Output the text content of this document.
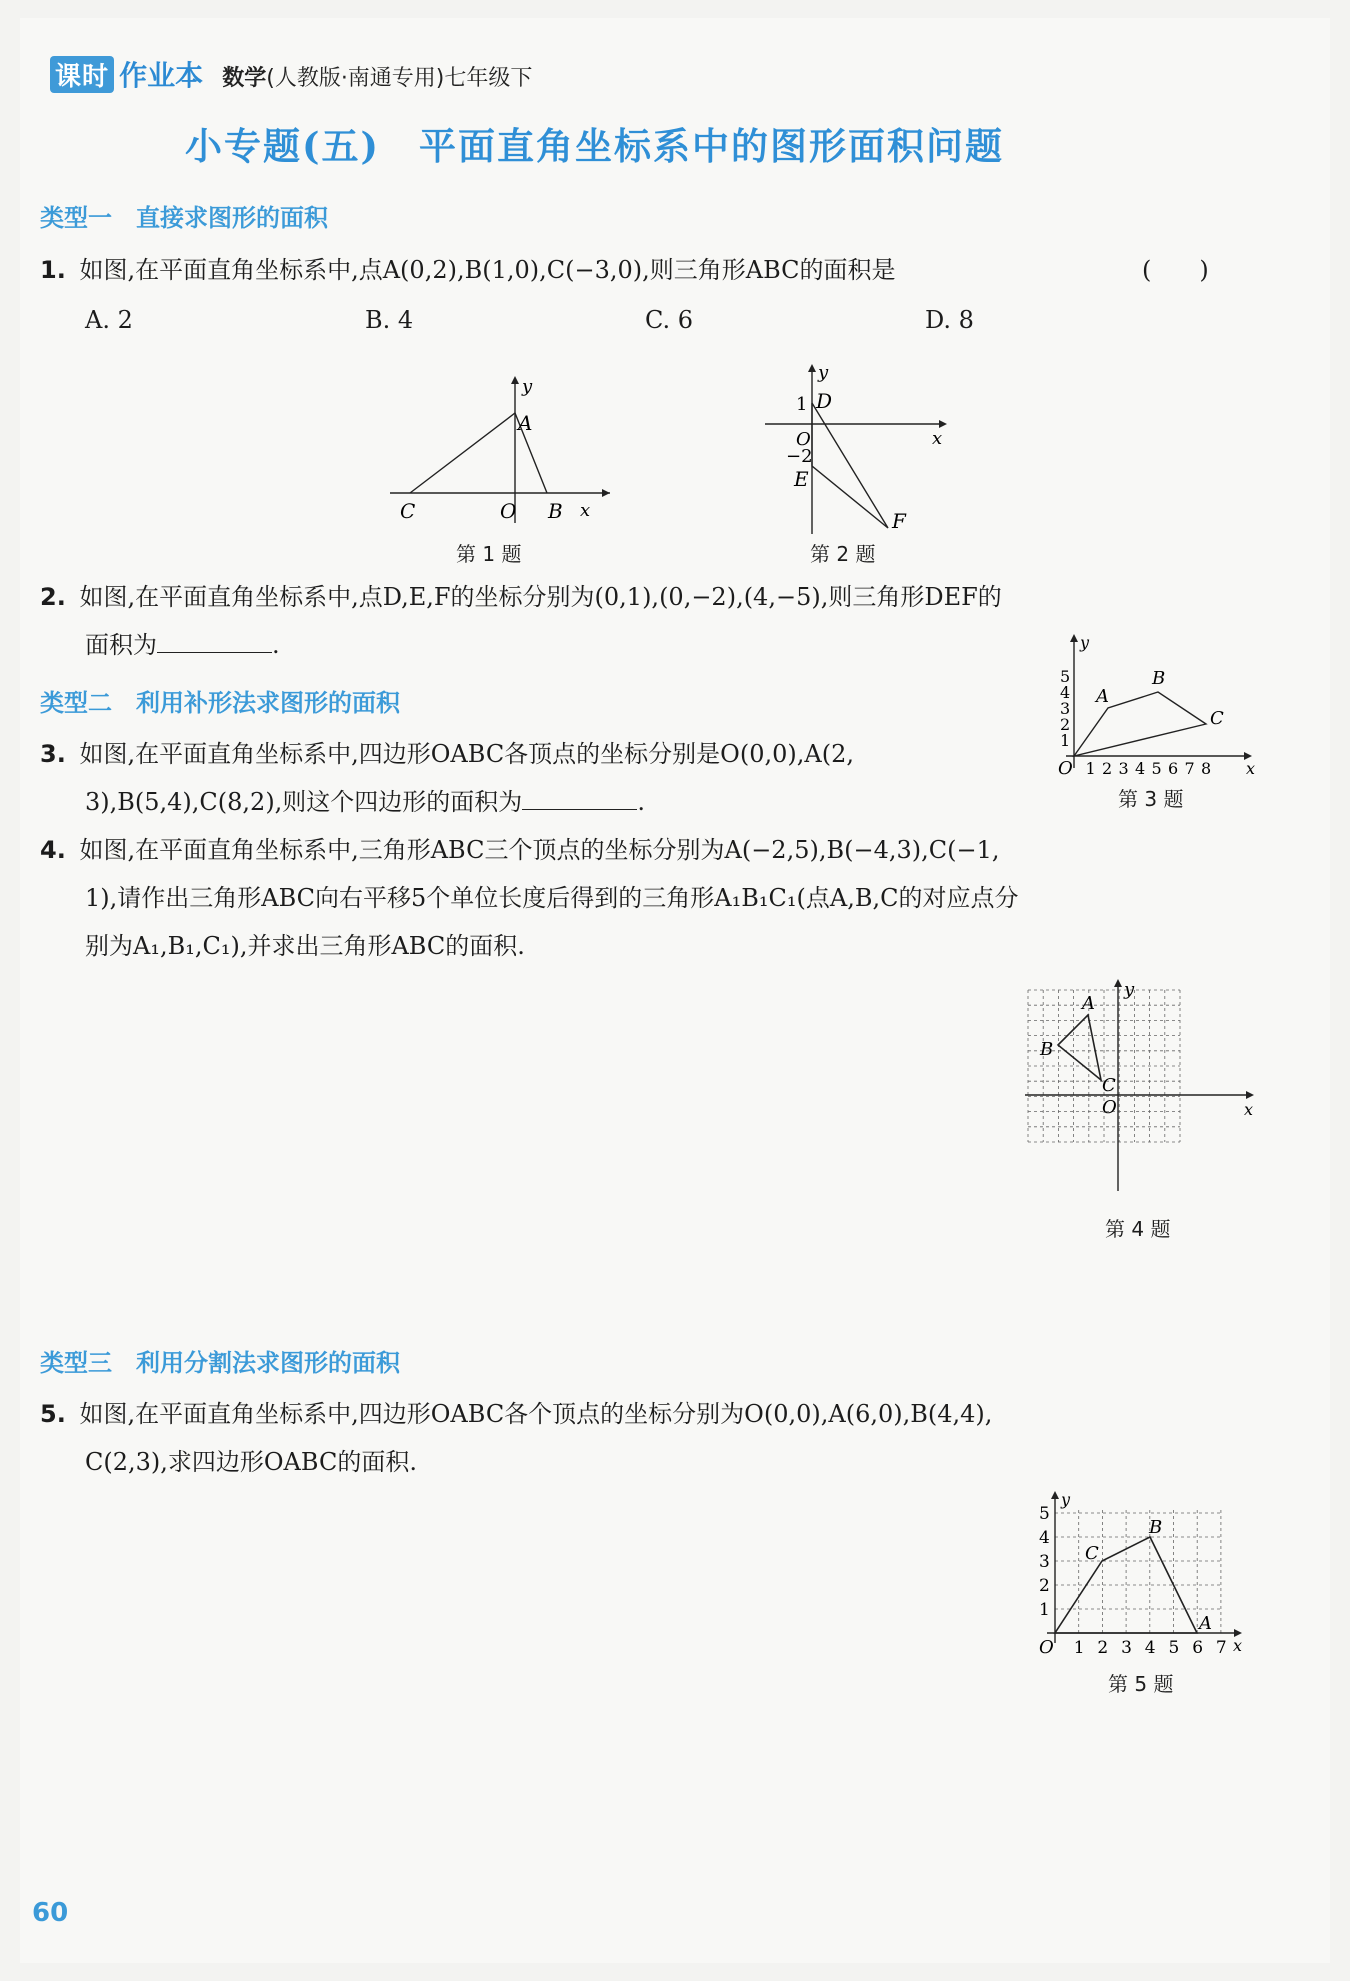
课时 作业本 数学(人教版·南通专用)七年级下
小专题(五)　平面直角坐标系中的图形面积问题
类型一　直接求图形的面积
1. 如图,在平面直角坐标系中,点A(0,2),B(1,0),C(−3,0),则三角形ABC的面积是	(　　)
A. 2	B. 4	C. 6	D. 8
y
A
C	O B x
第 1 题
y
1 D
O
−2
E
F
x
第 2 题
2. 如图,在平面直角坐标系中,点D,E,F的坐标分别为(0,1),(0,−2),(4,−5),则三角形DEF的
面积为	.	y
1
2
3
4
5
1 2 3 4 5 6 7 8
O
A
B
C
x
第 3 题
类型二　利用补形法求图形的面积
3. 如图,在平面直角坐标系中,四边形OABC各顶点的坐标分别是O(0,0),A(2,
3),B(5,4),C(8,2),则这个四边形的面积为	.
4. 如图,在平面直角坐标系中,三角形ABC三个顶点的坐标分别为A(−2,5),B(−4,3),C(−1,
1),请作出三角形ABC向右平移5个单位长度后得到的三角形A₁B₁C₁(点A,B,C的对应点分
别为A₁,B₁,C₁),并求出三角形ABC的面积.
y
A
B
C
O	x
第 4 题
类型三　利用分割法求图形的面积
5. 如图,在平面直角坐标系中,四边形OABC各个顶点的坐标分别为O(0,0),A(6,0),B(4,4),
C(2,3),求四边形OABC的面积.
y
1
2
3
4
5
1 2 3 4 5 6 7
O
C
B
A
x
第 5 题
60
